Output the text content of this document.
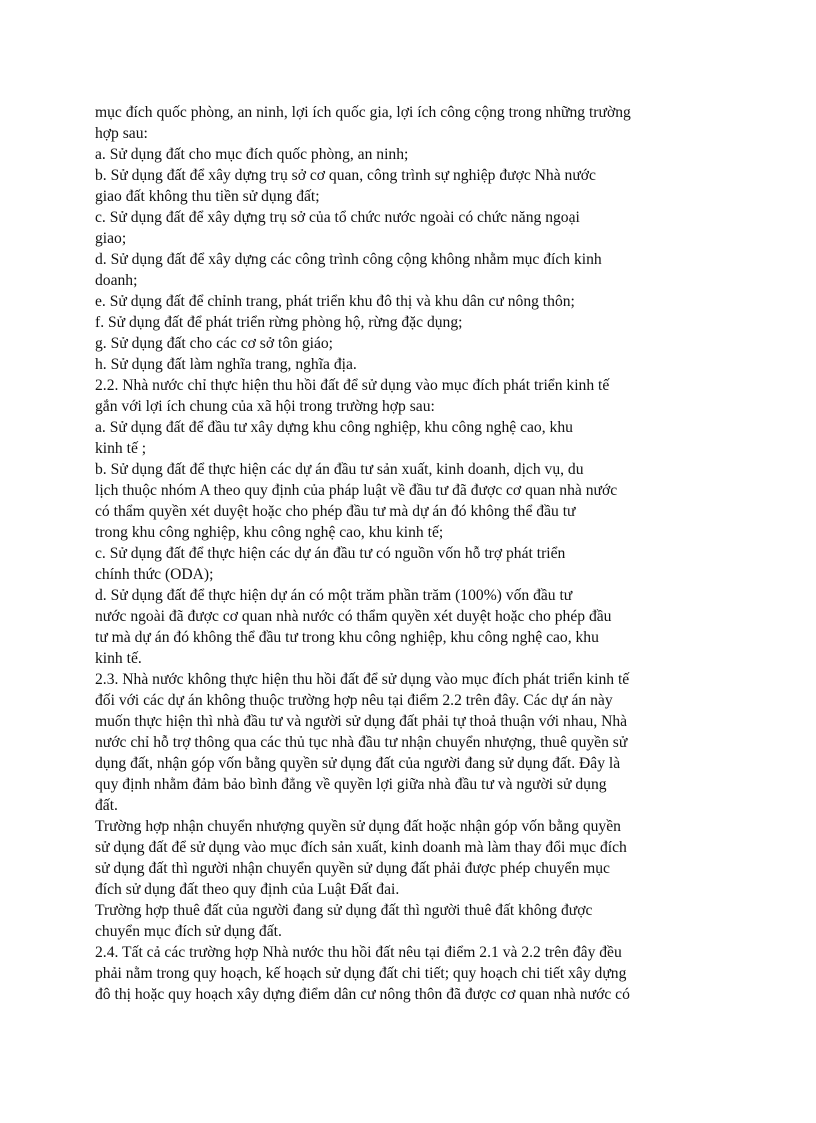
mục đích quốc phòng, an ninh, lợi ích quốc gia, lợi ích công cộng trong những trường
hợp sau:
a. Sử dụng đất cho mục đích quốc phòng, an ninh;
b. Sử dụng đất để xây dựng trụ sở cơ quan, công trình sự nghiệp được Nhà nước
giao đất không thu tiền sử dụng đất;
c. Sử dụng đất để xây dựng trụ sở của tổ chức nước ngoài có chức năng ngoại
giao;
d. Sử dụng đất để xây dựng các công trình công cộng không nhằm mục đích kinh
doanh;
e. Sử dụng đất để chỉnh trang, phát triển khu đô thị và khu dân cư nông thôn;
f. Sử dụng đất để phát triển rừng phòng hộ, rừng đặc dụng;
g. Sử dụng đất cho các cơ sở tôn giáo;
h. Sử dụng đất làm nghĩa trang, nghĩa địa.
2.2. Nhà nước chỉ thực hiện thu hồi đất để sử dụng vào mục đích phát triển kinh tế
gắn với lợi ích chung của xã hội trong trường hợp sau:
a. Sử dụng đất để đầu tư xây dựng khu công nghiệp, khu công nghệ cao, khu
kinh tế ;
b. Sử dụng đất để thực hiện các dự án đầu tư sản xuất, kinh doanh, dịch vụ, du
lịch thuộc nhóm A theo quy định của pháp luật về đầu tư đã được cơ quan nhà nước
có thẩm quyền xét duyệt hoặc cho phép đầu tư mà dự án đó không thể đầu tư
trong khu công nghiệp, khu công nghệ cao, khu kinh tế;
c. Sử dụng đất để thực hiện các dự án đầu tư có nguồn vốn hỗ trợ phát triển
chính thức (ODA);
d. Sử dụng đất để thực hiện dự án có một trăm phần trăm (100%) vốn đầu tư
nước ngoài đã được cơ quan nhà nước có thẩm quyền xét duyệt hoặc cho phép đầu
tư mà dự án đó không thể đầu tư trong khu công nghiệp, khu công nghệ cao, khu
kinh tế.
2.3. Nhà nước không thực hiện thu hồi đất để sử dụng vào mục đích phát triển kinh tế
đối với các dự án không thuộc trường hợp nêu tại điểm 2.2 trên đây. Các dự án này
muốn thực hiện thì nhà đầu tư và người sử dụng đất phải tự thoả thuận với nhau, Nhà
nước chỉ hỗ trợ thông qua các thủ tục nhà đầu tư nhận chuyển nhượng, thuê quyền sử
dụng đất, nhận góp vốn bằng quyền sử dụng đất của người đang sử dụng đất. Đây là
quy định nhằm đảm bảo bình đẳng về quyền lợi giữa nhà đầu tư và người sử dụng
đất.
Trường hợp nhận chuyển nhượng quyền sử dụng đất hoặc nhận góp vốn bằng quyền
sử dụng đất để sử dụng vào mục đích sản xuất, kinh doanh mà làm thay đổi mục đích
sử dụng đất thì người nhận chuyển quyền sử dụng đất phải được phép chuyển mục
đích sử dụng đất theo quy định của Luật Đất đai.
Trường hợp thuê đất của người đang sử dụng đất thì người thuê đất không được
chuyển mục đích sử dụng đất.
2.4. Tất cả các trường hợp Nhà nước thu hồi đất nêu tại điểm 2.1 và 2.2 trên đây đều
phải nằm trong quy hoạch, kế hoạch sử dụng đất chi tiết; quy hoạch chi tiết xây dựng
đô thị hoặc quy hoạch xây dựng điểm dân cư nông thôn đã được cơ quan nhà nước có
